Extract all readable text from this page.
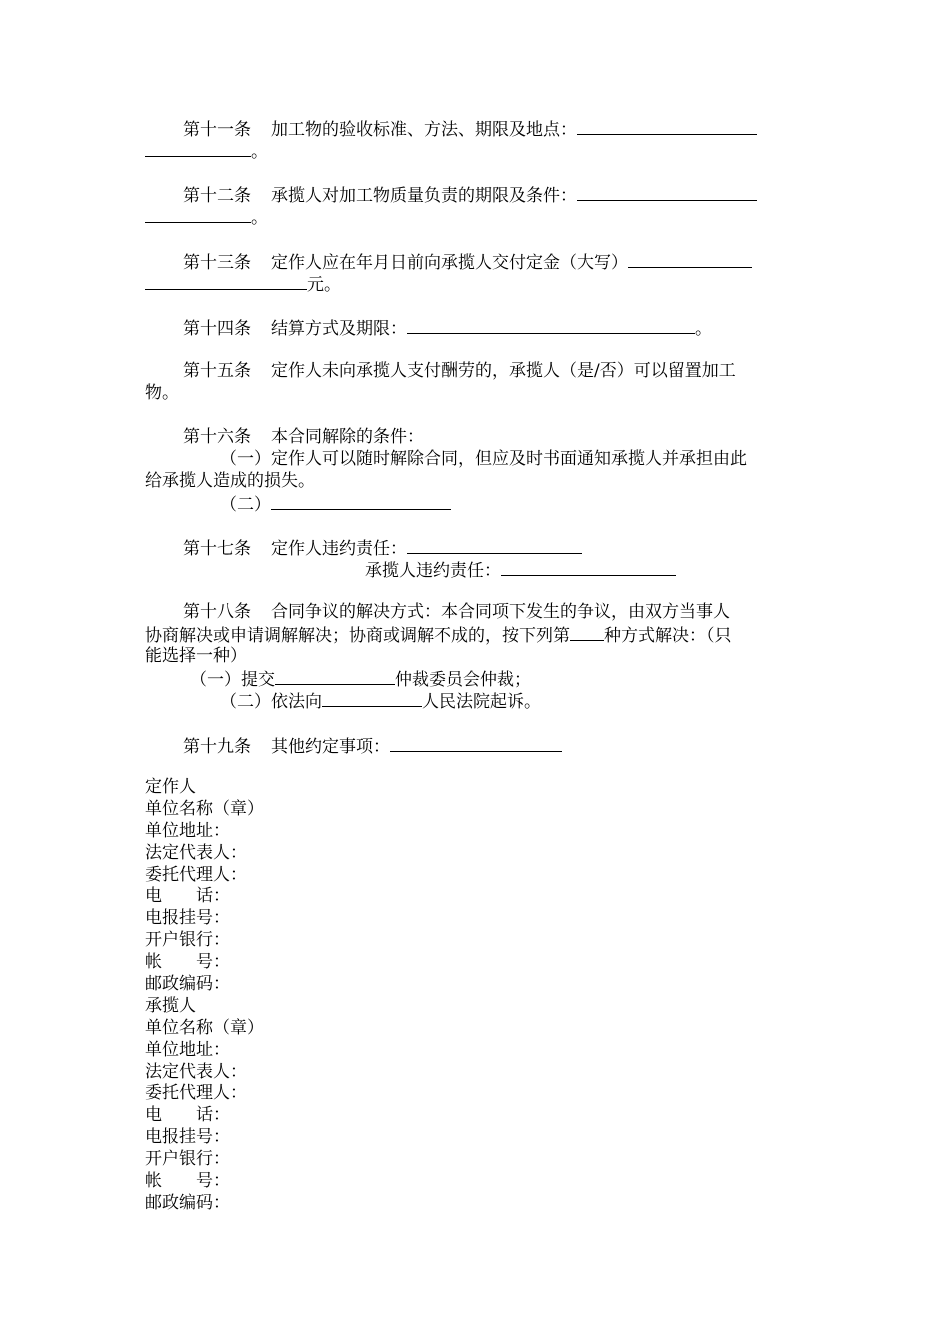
第十一条 加工物的验收标准、方法、期限及地点：
。
第十二条 承揽人对加工物质量负责的期限及条件：
。
第十三条 定作人应在年月日前向承揽人交付定金（大写）
元。
第十四条 结算方式及期限：	。
第十五条 定作人未向承揽人支付酬劳的，承揽人（是/否）可以留置加工
物。
第十六条 本合同解除的条件：
（一）定作人可以随时解除合同，但应及时书面通知承揽人并承担由此
给承揽人造成的损失。
（二）
第十七条 定作人违约责任：
承揽人违约责任：
第十八条 合同争议的解决方式：本合同项下发生的争议，由双方当事人
协商解决或申请调解解决；协商或调解不成的，按下列第 种方式解决：（只
能选择一种）
（一）提交	仲裁委员会仲裁；
（二）依法向	人民法院起诉。
第十九条 其他约定事项：
定作人
单位名称（章）
单位地址：
法定代表人：
委托代理人：
电　　话：
电报挂号：
开户银行：
帐　　号：
邮政编码：
承揽人
单位名称（章）
单位地址：
法定代表人：
委托代理人：
电　　话：
电报挂号：
开户银行：
帐　　号：
邮政编码：
